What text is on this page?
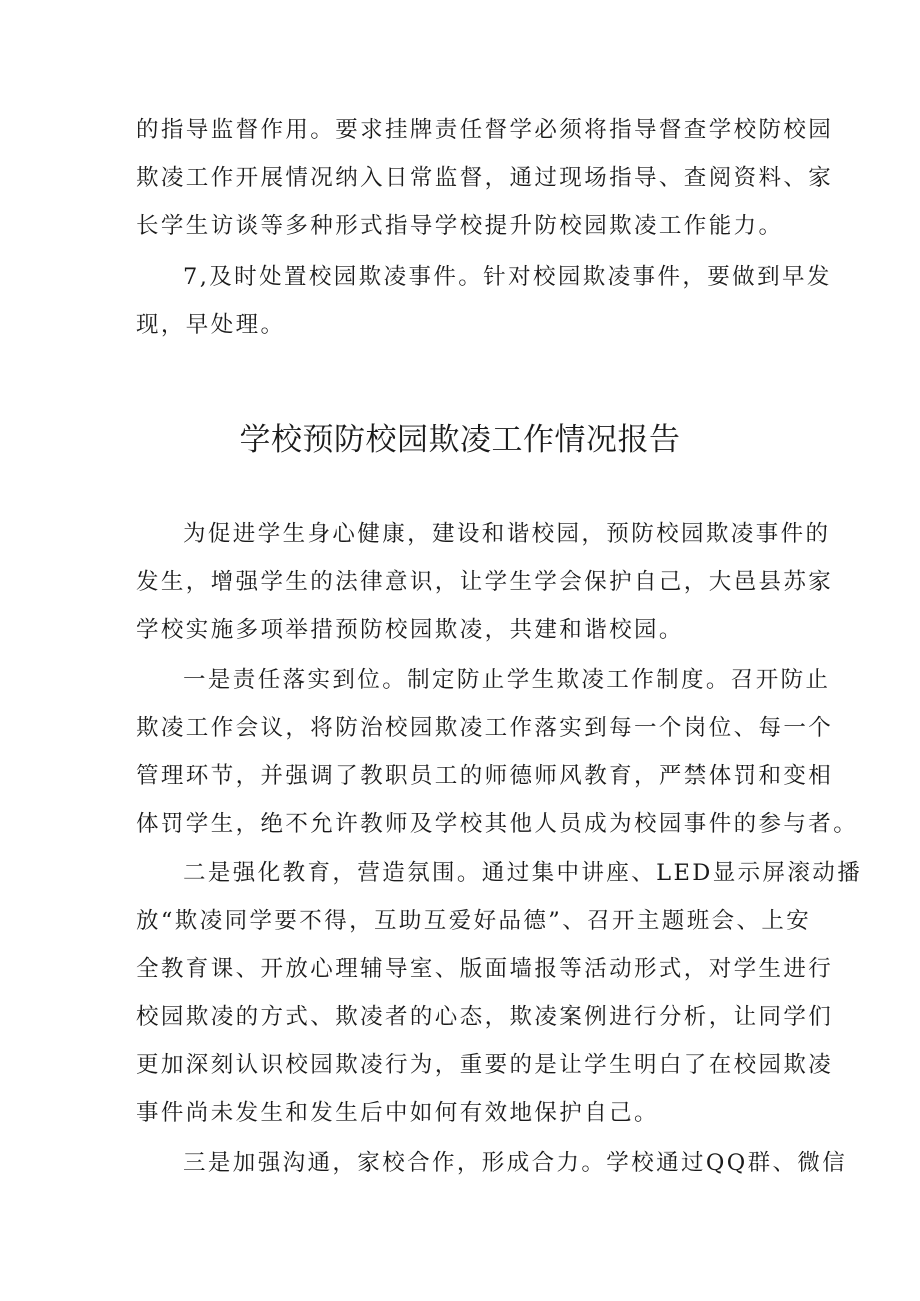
的指导监督作用。要求挂牌责任督学必须将指导督查学校防校园
欺凌工作开展情况纳入日常监督，通过现场指导、查阅资料、家
长学生访谈等多种形式指导学校提升防校园欺凌工作能力。
7,及时处置校园欺凌事件。针对校园欺凌事件，要做到早发
现，早处理。
学校预防校园欺凌工作情况报告
为促进学生身心健康，建设和谐校园，预防校园欺凌事件的
发生，增强学生的法律意识，让学生学会保护自己，大邑县苏家
学校实施多项举措预防校园欺凌，共建和谐校园。
一是责任落实到位。制定防止学生欺凌工作制度。召开防止
欺凌工作会议，将防治校园欺凌工作落实到每一个岗位、每一个
管理环节，并强调了教职员工的师德师风教育，严禁体罚和变相
体罚学生，绝不允许教师及学校其他人员成为校园事件的参与者。
二是强化教育，营造氛围。通过集中讲座、LED显示屏滚动播
放“欺凌同学要不得，互助互爱好品德”、召开主题班会、上安
全教育课、开放心理辅导室、版面墙报等活动形式，对学生进行
校园欺凌的方式、欺凌者的心态，欺凌案例进行分析，让同学们
更加深刻认识校园欺凌行为，重要的是让学生明白了在校园欺凌
事件尚未发生和发生后中如何有效地保护自己。
三是加强沟通，家校合作，形成合力。学校通过QQ群、微信
